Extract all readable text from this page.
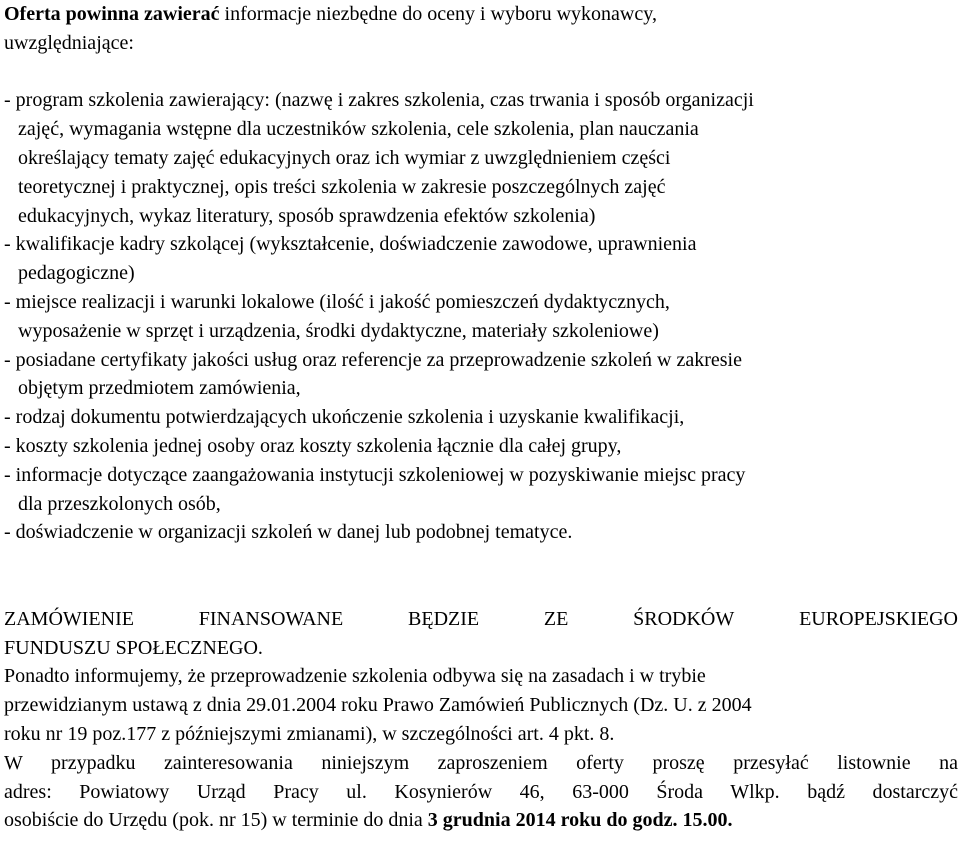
Oferta powinna zawierać informacje niezbędne do oceny i wyboru wykonawcy,
uwzględniające:
- program szkolenia zawierający: (nazwę i zakres szkolenia, czas trwania i sposób organizacji
zajęć, wymagania wstępne dla uczestników szkolenia, cele szkolenia, plan nauczania
określający tematy zajęć edukacyjnych oraz ich wymiar z uwzględnieniem części
teoretycznej i praktycznej, opis treści szkolenia w zakresie poszczególnych zajęć
edukacyjnych, wykaz literatury, sposób sprawdzenia efektów szkolenia)
- kwalifikacje kadry szkolącej (wykształcenie, doświadczenie zawodowe, uprawnienia
pedagogiczne)
- miejsce realizacji i warunki lokalowe (ilość i jakość pomieszczeń dydaktycznych,
wyposażenie w sprzęt i urządzenia, środki dydaktyczne, materiały szkoleniowe)
- posiadane certyfikaty jakości usług oraz referencje za przeprowadzenie szkoleń w zakresie
objętym przedmiotem zamówienia,
- rodzaj dokumentu potwierdzających ukończenie szkolenia i uzyskanie kwalifikacji,
- koszty szkolenia jednej osoby oraz koszty szkolenia łącznie dla całej grupy,
- informacje dotyczące zaangażowania instytucji szkoleniowej w pozyskiwanie miejsc pracy
dla przeszkolonych osób,
- doświadczenie w organizacji szkoleń w danej lub podobnej tematyce.
ZAMÓWIENIE	FINANSOWANE	BĘDZIE	ZE	ŚRODKÓW	EUROPEJSKIEGO
FUNDUSZU SPOŁECZNEGO.
Ponadto informujemy, że przeprowadzenie szkolenia odbywa się na zasadach i w trybie
przewidzianym ustawą z dnia 29.01.2004 roku Prawo Zamówień Publicznych (Dz. U. z 2004
roku nr 19 poz.177 z późniejszymi zmianami), w szczególności art. 4 pkt. 8.
W przypadku zainteresowania niniejszym zaproszeniem oferty proszę przesyłać listownie na
adres: Powiatowy Urząd Pracy ul. Kosynierów 46, 63-000 Środa Wlkp. bądź dostarczyć
osobiście do Urzędu (pok. nr 15) w terminie do dnia 3 grudnia 2014 roku do godz. 15.00.
